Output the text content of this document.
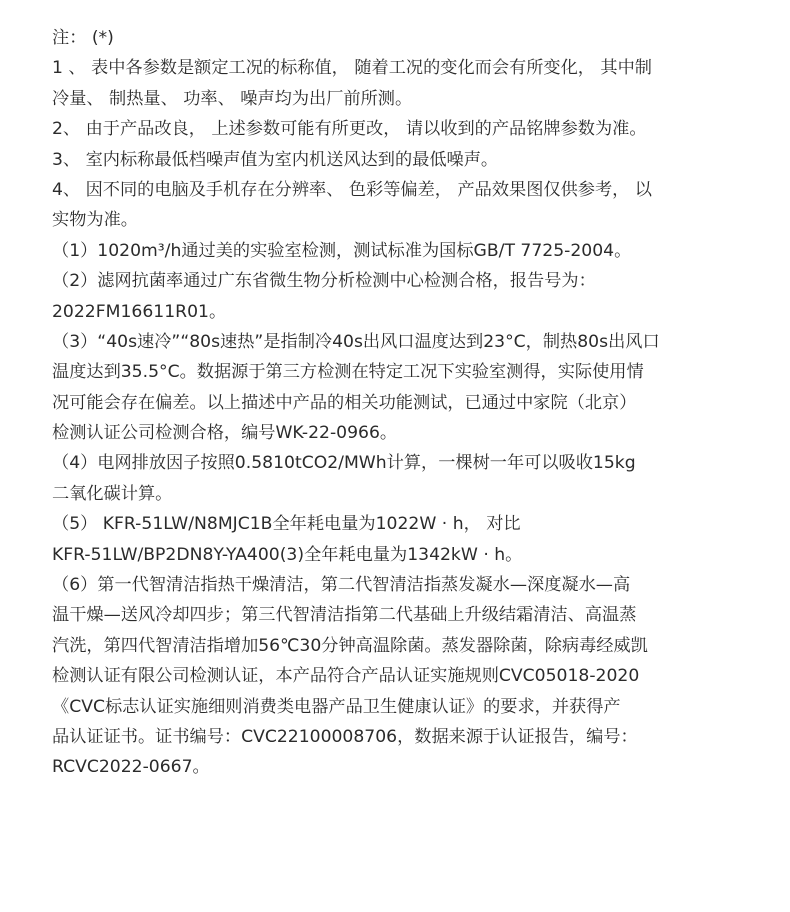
注： (*)
1 、 表中各参数是额定工况的标称值， 随着工况的变化而会有所变化， 其中制
冷量、 制热量、 功率、 噪声均为出厂前所测。
2、 由于产品改良， 上述参数可能有所更改， 请以收到的产品铭牌参数为准。
3、 室内标称最低档噪声值为室内机送风达到的最低噪声。
4、 因不同的电脑及手机存在分辨率、 色彩等偏差， 产品效果图仅供参考， 以
实物为准。
（1）1020m³/h通过美的实验室检测，测试标准为国标GB/T 7725-2004。
（2）滤网抗菌率通过广东省微生物分析检测中心检测合格，报告号为：
2022FM16611R01。
（3）“40s速冷”“80s速热”是指制冷40s出风口温度达到23°C，制热80s出风口
温度达到35.5°C。数据源于第三方检测在特定工况下实验室测得，实际使用情
况可能会存在偏差。以上描述中产品的相关功能测试，已通过中家院（北京）
检测认证公司检测合格，编号WK-22-0966。
（4）电网排放因子按照0.5810tCO2/MWh计算，一棵树一年可以吸收15kg
二氧化碳计算。
（5） KFR-51LW/N8MJC1B全年耗电量为1022W · h， 对比
KFR-51LW/BP2DN8Y-YA400(3)全年耗电量为1342kW · h。
（6）第一代智清洁指热干燥清洁，第二代智清洁指蒸发凝水—深度凝水—高
温干燥—送风冷却四步；第三代智清洁指第二代基础上升级结霜清洁、高温蒸
汽洗，第四代智清洁指增加56℃30分钟高温除菌。蒸发器除菌，除病毒经威凯
检测认证有限公司检测认证，本产品符合产品认证实施规则CVC05018-2020
《CVC标志认证实施细则消费类电器产品卫生健康认证》的要求，并获得产
品认证证书。证书编号：CVC22100008706，数据来源于认证报告，编号：
RCVC2022-0667。
